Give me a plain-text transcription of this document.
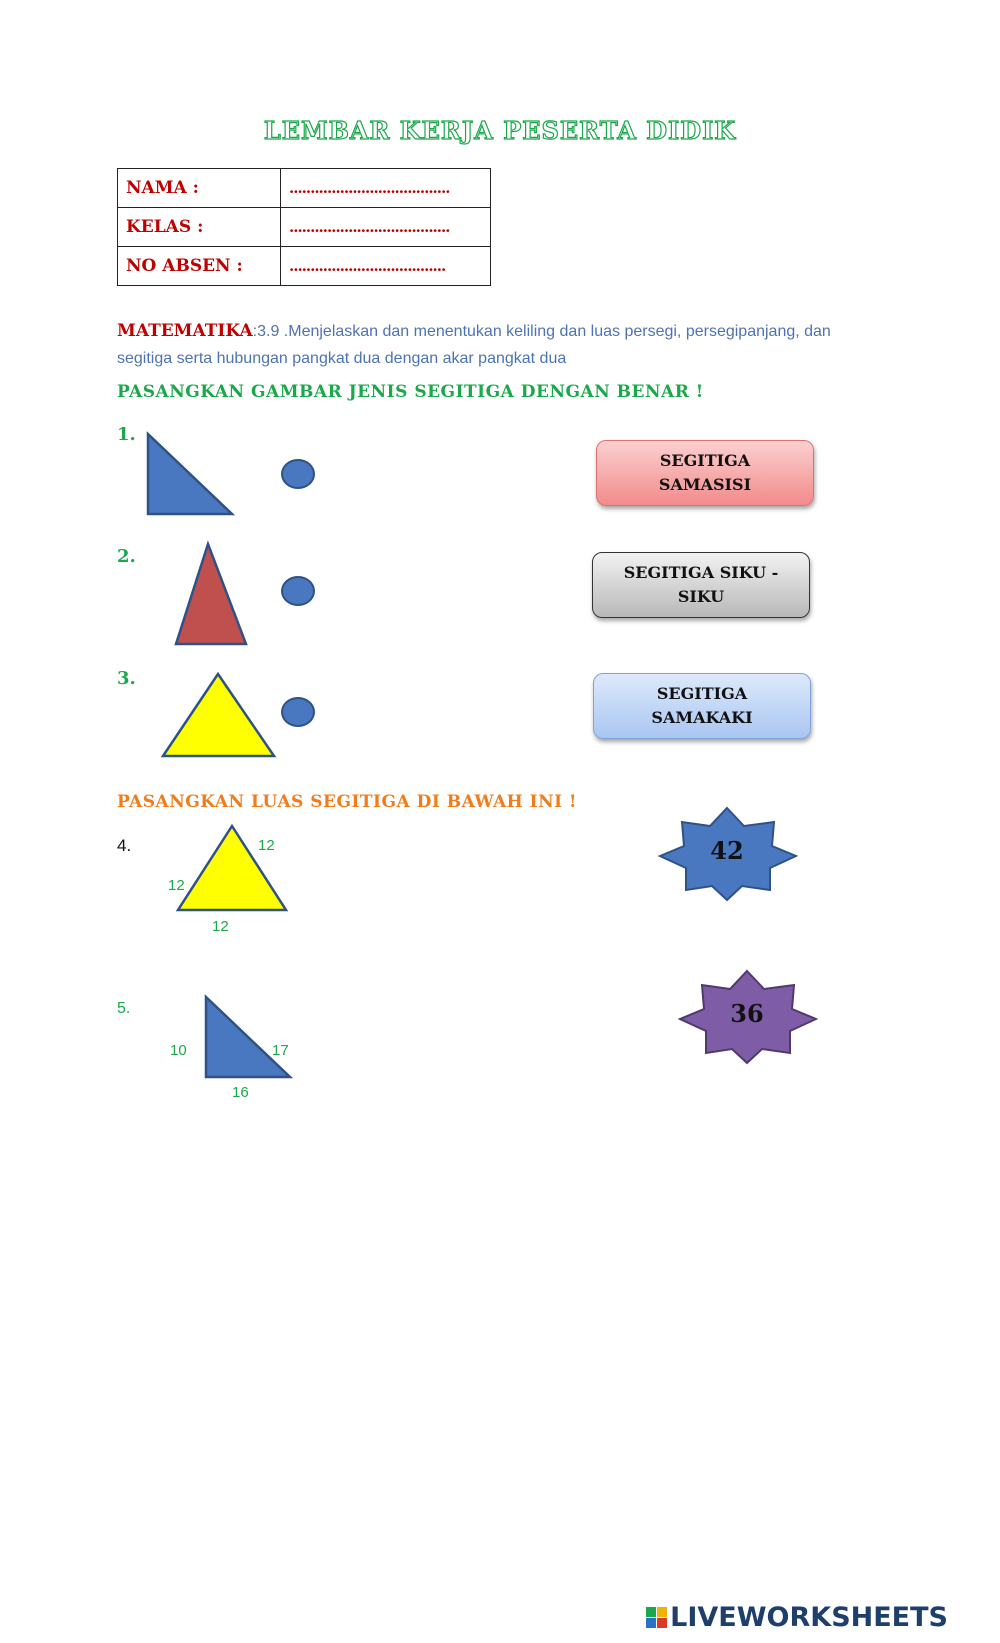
LEMBAR KERJA PESERTA DIDIK
NAMA :	......................................
KELAS :	......................................
NO ABSEN :	.....................................
MATEMATIKA:3.9 .Menjelaskan dan menentukan keliling dan luas persegi, persegipanjang, dan segitiga serta hubungan pangkat dua dengan akar pangkat dua
PASANGKAN GAMBAR JENIS SEGITIGA DENGAN BENAR !
1.
2.
3.
SEGITIGA SAMASISI
SEGITIGA SIKU - SIKU
SEGITIGA SAMAKAKI
PASANGKAN LUAS SEGITIGA DI BAWAH INI !
4.
12
12
12
5.
10	17
16
42
36
LIVEWORKSHEETS
